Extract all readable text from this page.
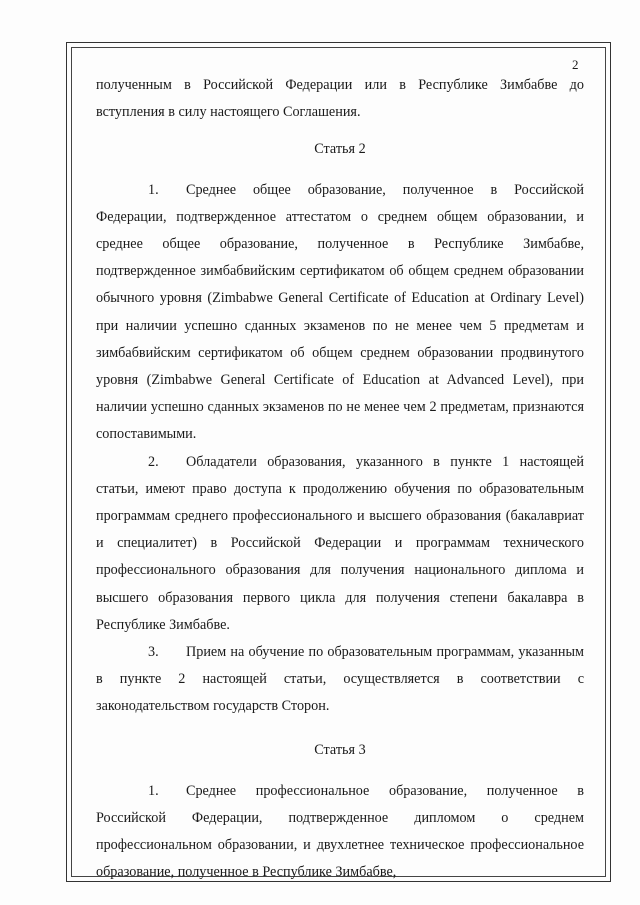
2

полученным в Российской Федерации или в Республике Зимбабве до вступления в силу настоящего Соглашения.

Статья 2

1. Среднее общее образование, полученное в Российской Федерации, подтвержденное аттестатом о среднем общем образовании, и среднее общее образование, полученное в Республике Зимбабве, подтвержденное зимбабвийским сертификатом об общем среднем образовании обычного уровня (Zimbabwe General Certificate of Education at Ordinary Level) при наличии успешно сданных экзаменов по не менее чем 5 предметам и зимбабвийским сертификатом об общем среднем образовании продвинутого уровня (Zimbabwe General Certificate of Education at Advanced Level), при наличии успешно сданных экзаменов по не менее чем 2 предметам, признаются сопоставимыми.

2. Обладатели образования, указанного в пункте 1 настоящей статьи, имеют право доступа к продолжению обучения по образовательным программам среднего профессионального и высшего образования (бакалавриат и специалитет) в Российской Федерации и программам технического профессионального образования для получения национального диплома и высшего образования первого цикла для получения степени бакалавра в Республике Зимбабве.

3. Прием на обучение по образовательным программам, указанным в пункте 2 настоящей статьи, осуществляется в соответствии с законодательством государств Сторон.

Статья 3

1. Среднее профессиональное образование, полученное в Российской Федерации, подтвержденное дипломом о среднем профессиональном образовании, и двухлетнее техническое профессиональное образование, полученное в Республике Зимбабве,
